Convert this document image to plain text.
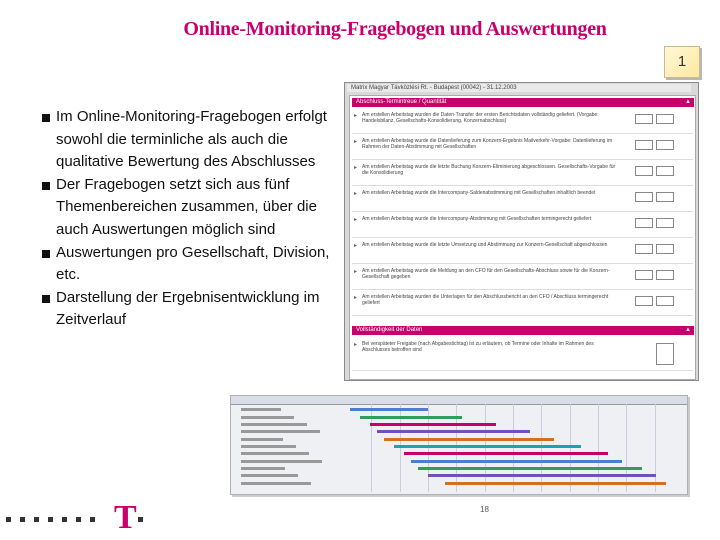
Online-Monitoring-Fragebogen und Auswertungen
1

Im Online-Monitoring-Fragebogen erfolgt sowohl die terminliche als auch die qualitative Bewertung des Abschlusses

Der Fragebogen setzt sich aus fünf Themenbereichen zusammen, über die auch Auswertungen möglich sind

Auswertungen pro Gesellschaft, Division, etc.

Darstellung der Ergebnisentwicklung im Zeitverlauf

Matrix Magyar Távközlési Rt. - Budapest (00042) - 31.12.2003
Abschluss-Termintreue / Quantität	▲
▸ Am erstellen Arbeitstag wurden die Daten-Transfer der ersten Berichtsdaten vollständig geliefert. (Vorgabe: Handelsbilanz, Gesellschafts-Konsolidierung, Konzernabschluss)
▸ Am erstellen Arbeitstag wurde die Datenlieferung zum Konzern-Ergebnis Mailverkehr-Vorgabe: Datenlieferung im Rahmen der Daten-Abstimmung mit Gesellschaften
▸ Am erstellen Arbeitstag wurde die letzte Buchung Konzern-Eliminierung abgeschlossen. Gesellschafts-Vorgabe für die Konsolidierung
▸ Am erstellen Arbeitstag wurde die Intercompany-Saldenabstimmung mit Gesellschaften inhaltlich beendet
▸ Am erstellen Arbeitstag wurde die Intercompany-Abstimmung mit Gesellschaften termingerecht geliefert
▸ Am erstellen Arbeitstag wurde die letzte Umsetzung und Abstimmung zur Konzern-Gesellschaft abgeschlossen
▸ Am erstellen Arbeitstag wurde die Meldung an den CFO für den Gesellschafts-Abschluss sowie für die Konzern-Gesellschaft gegeben
▸ Am erstellen Arbeitstag wurden die Unterlagen für den Abschlussbericht an den CFO / Abschluss termingerecht geliefert
Vollständigkeit der Daten	▲
▸ Bei verspäteter Freigabe (nach Abgabestichtag) ist zu erläutern, ob Termine oder Inhalte im Rahmen des Abschlusses betroffen sind
18
T
